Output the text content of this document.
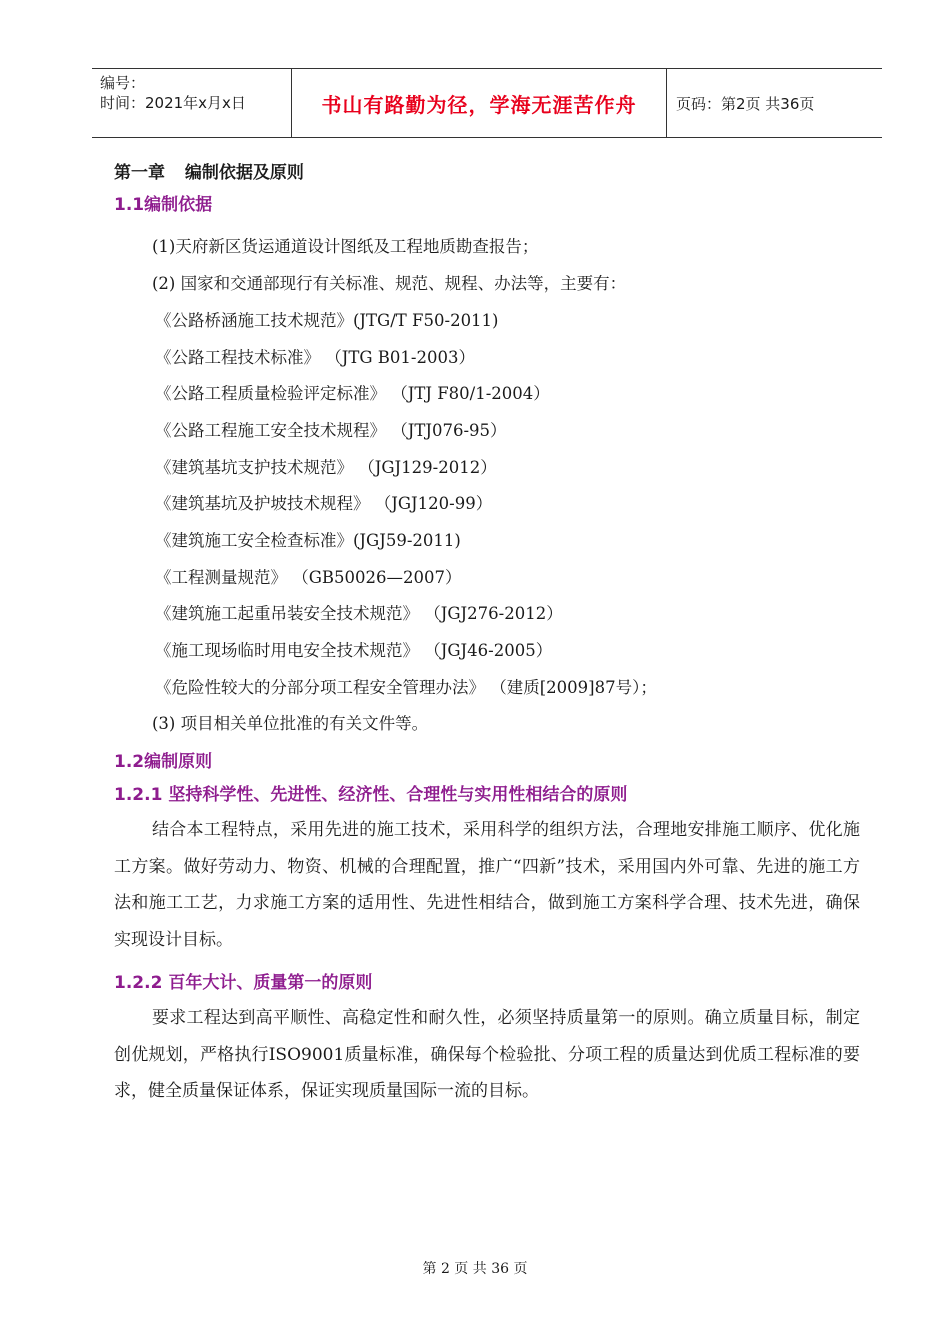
编号：
时间：2021年x月x日	书山有路勤为径，学海无涯苦作舟	页码：第2页 共36页
第一章 编制依据及原则
1.1编制依据
(1)天府新区货运通道设计图纸及工程地质勘查报告；
(2) 国家和交通部现行有关标准、规范、规程、办法等，主要有：
《公路桥涵施工技术规范》(JTG/T F50-2011)
《公路工程技术标准》 （JTG B01-2003）
《公路工程质量检验评定标准》 （JTJ F80/1-2004）
《公路工程施工安全技术规程》 （JTJ076-95）
《建筑基坑支护技术规范》 （JGJ129-2012）
《建筑基坑及护坡技术规程》 （JGJ120-99）
《建筑施工安全检查标准》(JGJ59-2011)
《工程测量规范》 （GB50026—2007）
《建筑施工起重吊装安全技术规范》 （JGJ276-2012）
《施工现场临时用电安全技术规范》 （JGJ46-2005）
《危险性较大的分部分项工程安全管理办法》 （建质[2009]87号）；
(3) 项目相关单位批准的有关文件等。
1.2编制原则
1.2.1 坚持科学性、先进性、经济性、合理性与实用性相结合的原则
结合本工程特点，采用先进的施工技术，采用科学的组织方法，合理地安排施工顺序、优化施工方案。做好劳动力、物资、机械的合理配置，推广“四新”技术，采用国内外可靠、先进的施工方法和施工工艺，力求施工方案的适用性、先进性相结合，做到施工方案科学合理、技术先进，确保实现设计目标。
1.2.2 百年大计、质量第一的原则
要求工程达到高平顺性、高稳定性和耐久性，必须坚持质量第一的原则。确立质量目标，制定创优规划，严格执行ISO9001质量标准，确保每个检验批、分项工程的质量达到优质工程标准的要求，健全质量保证体系，保证实现质量国际一流的目标。
第 2 页 共 36 页
